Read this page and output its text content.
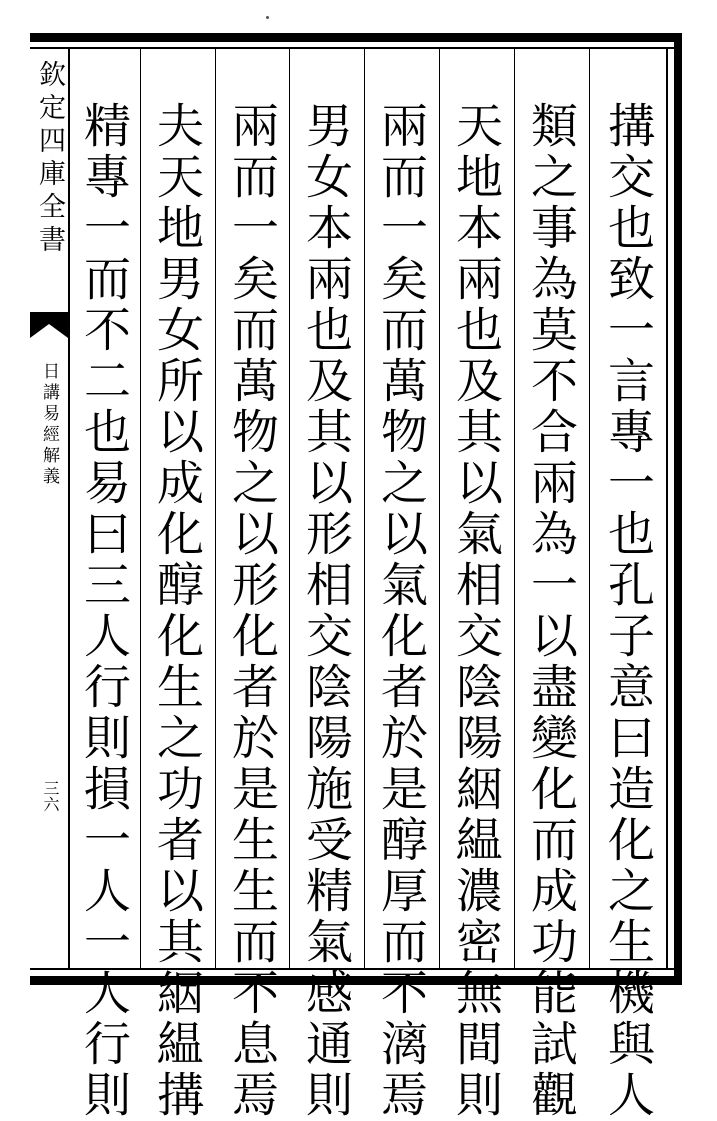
欽定四庫全書
日講易經解義
三六	搆交也致一言專一也孔子意曰造化之生機與人
類之事為莫不合兩為一以盡變化而成功能試觀
天地本兩也及其以氣相交陰陽絪緼濃密無間則
兩而一矣而萬物之以氣化者於是醇厚而不漓焉
男女本兩也及其以形相交陰陽施受精氣感通則
兩而一矣而萬物之以形化者於是生生而不息焉
夫天地男女所以成化醇化生之功者以其絪緼搆
精專一而不二也易曰三人行則損一人一人行則
